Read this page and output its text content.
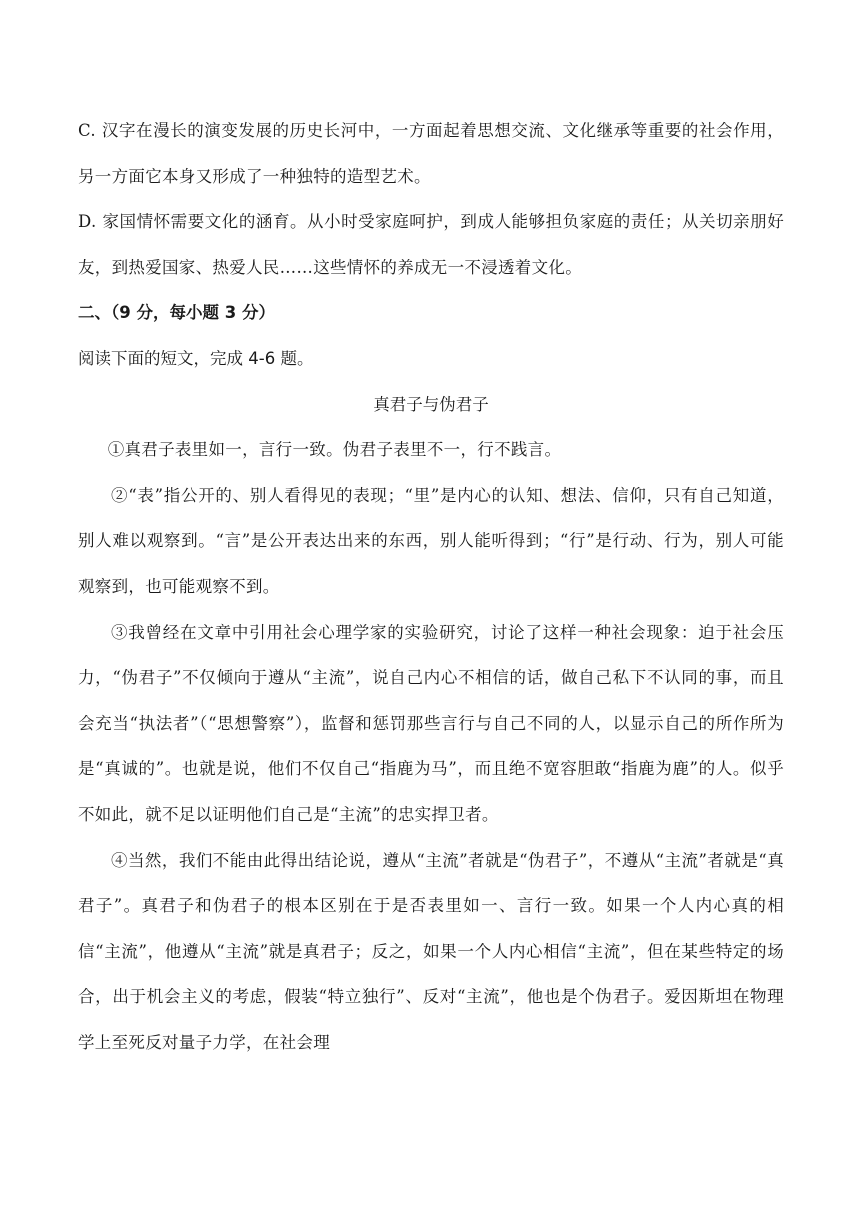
C. 汉字在漫长的演变发展的历史长河中，一方面起着思想交流、文化继承等重要的社会作用，另一方面它本身又形成了一种独特的造型艺术。

D. 家国情怀需要文化的涵育。从小时受家庭呵护，到成人能够担负家庭的责任；从关切亲朋好友，到热爱国家、热爱人民……这些情怀的养成无一不浸透着文化。

二、（9 分，每小题 3 分）

阅读下面的短文，完成 4-6 题。

真君子与伪君子

①真君子表里如一，言行一致。伪君子表里不一，行不践言。

②“表”指公开的、别人看得见的表现；“里”是内心的认知、想法、信仰，只有自己知道，别人难以观察到。“言”是公开表达出来的东西，别人能听得到；“行”是行动、行为，别人可能观察到，也可能观察不到。

③我曾经在文章中引用社会心理学家的实验研究，讨论了这样一种社会现象：迫于社会压力，“伪君子”不仅倾向于遵从“主流”，说自己内心不相信的话，做自己私下不认同的事，而且会充当“执法者”（“思想警察”），监督和惩罚那些言行与自己不同的人，以显示自己的所作所为是“真诚的”。也就是说，他们不仅自己“指鹿为马”，而且绝不宽容胆敢“指鹿为鹿”的人。似乎不如此，就不足以证明他们自己是“主流”的忠实捍卫者。

④当然，我们不能由此得出结论说，遵从“主流”者就是“伪君子”，不遵从“主流”者就是“真君子”。真君子和伪君子的根本区别在于是否表里如一、言行一致。如果一个人内心真的相信“主流”，他遵从“主流”就是真君子；反之，如果一个人内心相信“主流”，但在某些特定的场合，出于机会主义的考虑，假装“特立独行”、反对“主流”，他也是个伪君子。爱因斯坦在物理学上至死反对量子力学，在社会理
